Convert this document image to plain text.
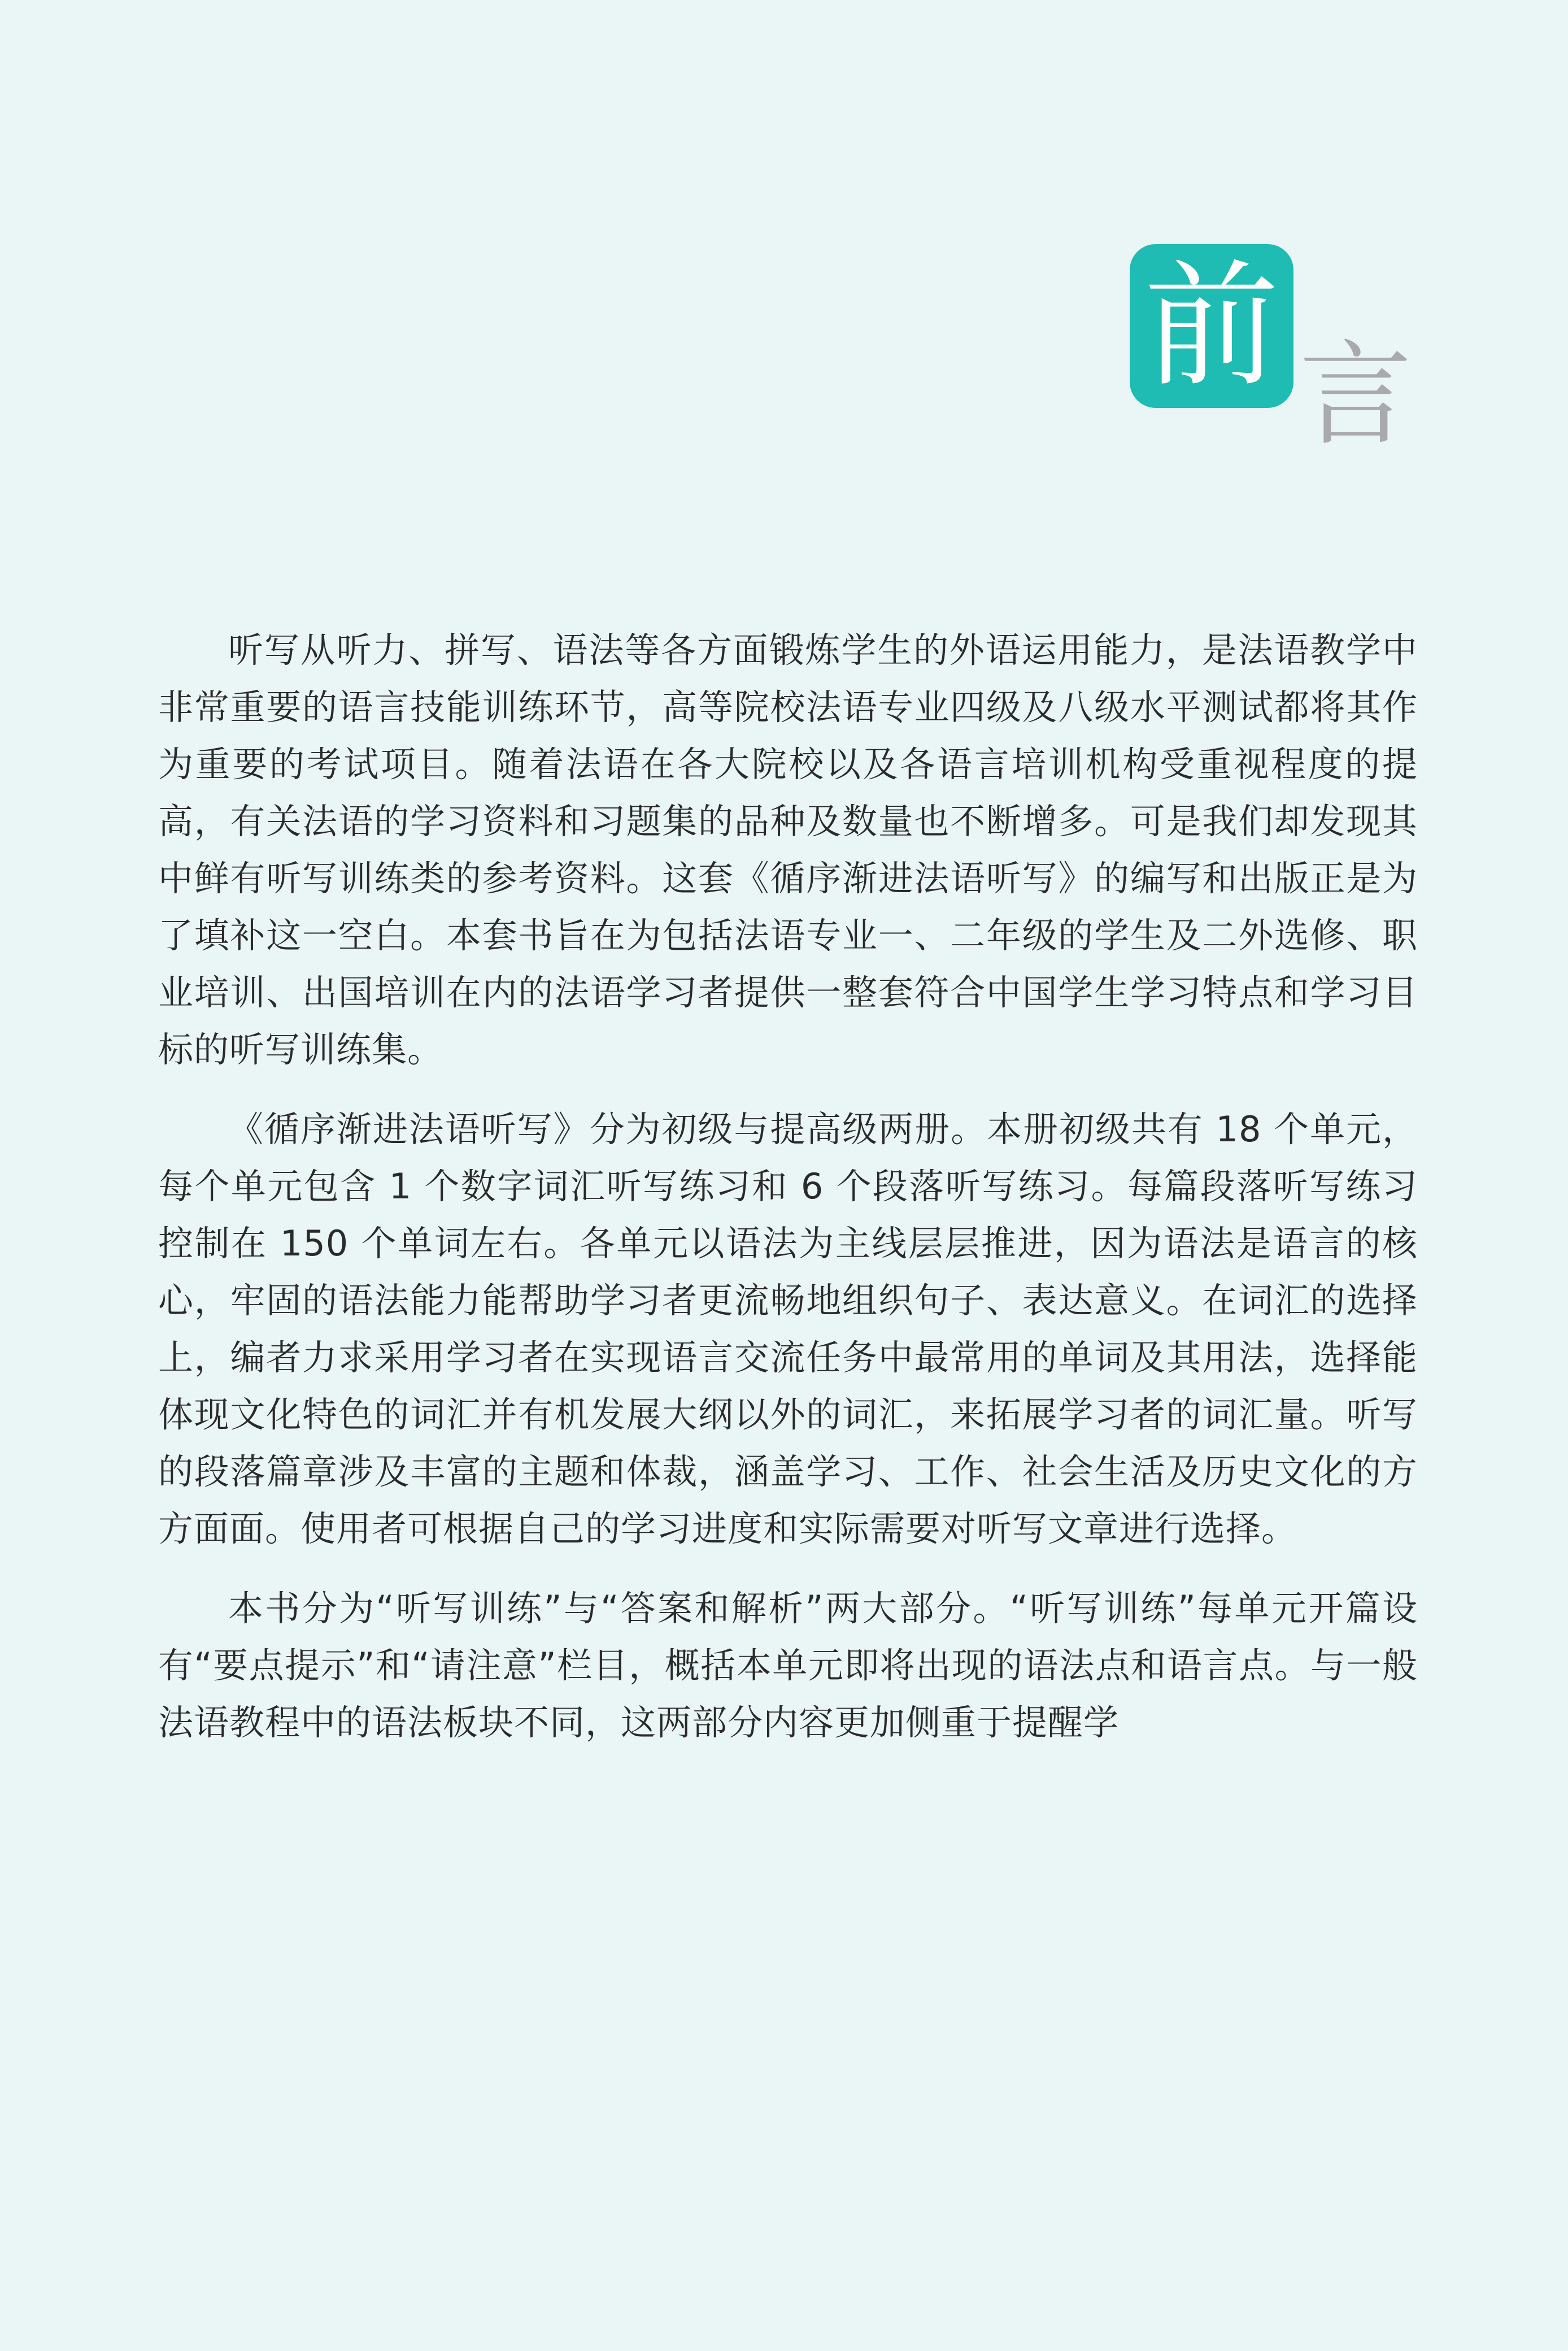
前 言

听写从听力、拼写、语法等各方面锻炼学生的外语运用能力，是法语教学中非常重要的语言技能训练环节，高等院校法语专业四级及八级水平测试都将其作为重要的考试项目。随着法语在各大院校以及各语言培训机构受重视程度的提高，有关法语的学习资料和习题集的品种及数量也不断增多。可是我们却发现其中鲜有听写训练类的参考资料。这套《循序渐进法语听写》的编写和出版正是为了填补这一空白。本套书旨在为包括法语专业一、二年级的学生及二外选修、职业培训、出国培训在内的法语学习者提供一整套符合中国学生学习特点和学习目标的听写训练集。

《循序渐进法语听写》分为初级与提高级两册。本册初级共有 18 个单元，每个单元包含 1 个数字词汇听写练习和 6 个段落听写练习。每篇段落听写练习控制在 150 个单词左右。各单元以语法为主线层层推进，因为语法是语言的核心，牢固的语法能力能帮助学习者更流畅地组织句子、表达意义。在词汇的选择上，编者力求采用学习者在实现语言交流任务中最常用的单词及其用法，选择能体现文化特色的词汇并有机发展大纲以外的词汇，来拓展学习者的词汇量。听写的段落篇章涉及丰富的主题和体裁，涵盖学习、工作、社会生活及历史文化的方方面面。使用者可根据自己的学习进度和实际需要对听写文章进行选择。

本书分为“听写训练”与“答案和解析”两大部分。“听写训练”每单元开篇设有“要点提示”和“请注意”栏目，概括本单元即将出现的语法点和语言点。与一般法语教程中的语法板块不同，这两部分内容更加侧重于提醒学
